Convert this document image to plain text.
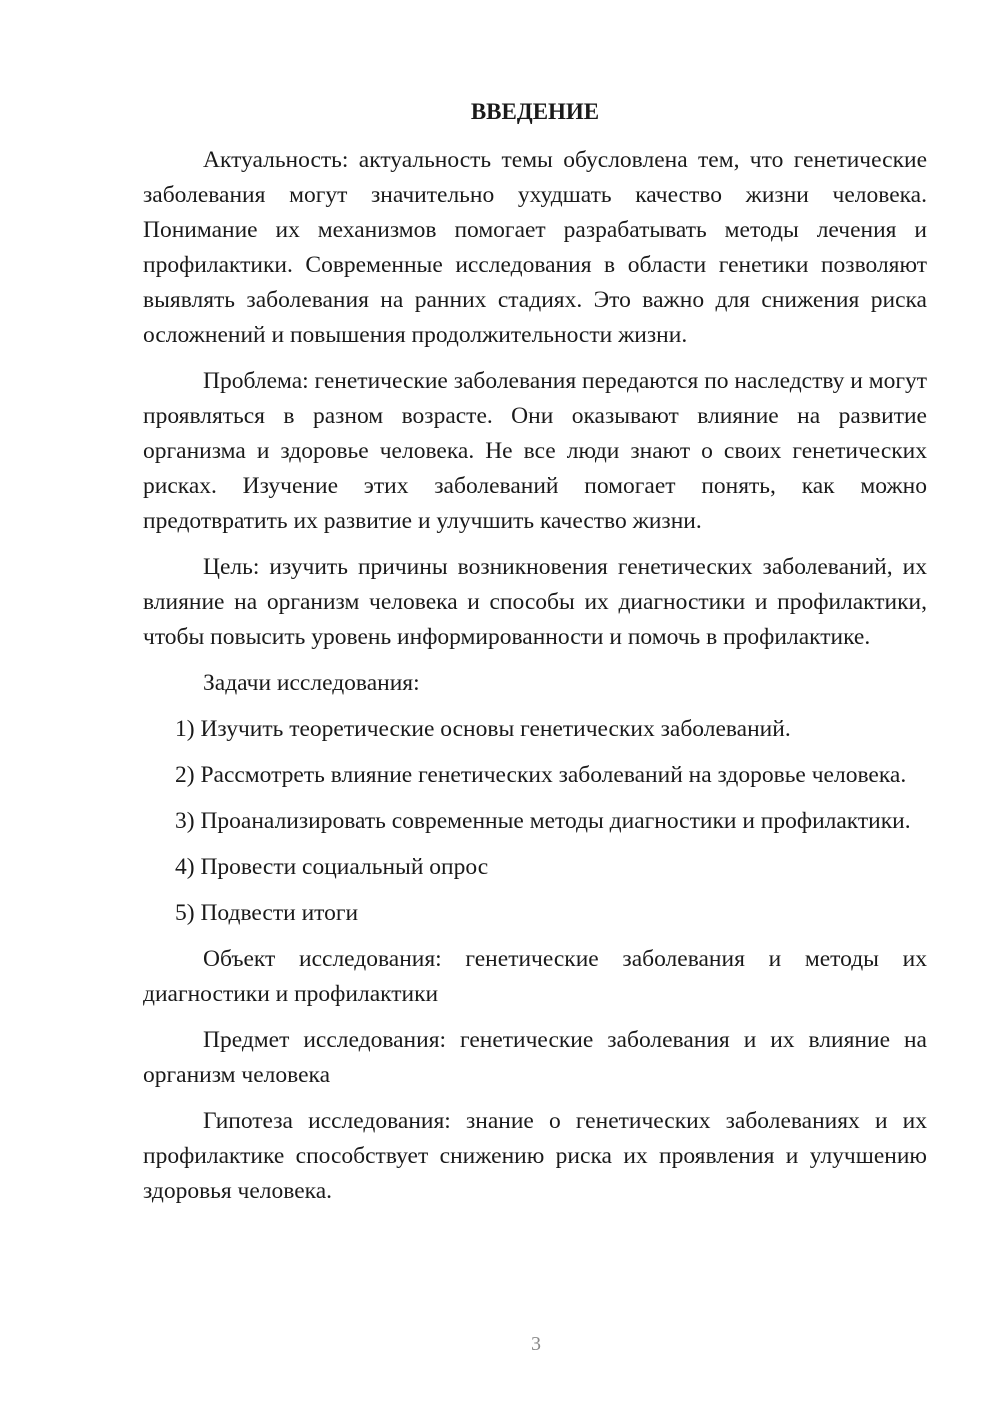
ВВЕДЕНИЕ

Актуальность: актуальность темы обусловлена тем, что генетические заболевания могут значительно ухудшать качество жизни человека. Понимание их механизмов помогает разрабатывать методы лечения и профилактики. Современные исследования в области генетики позволяют выявлять заболевания на ранних стадиях. Это важно для снижения риска осложнений и повышения продолжительности жизни.

Проблема: генетические заболевания передаются по наследству и могут проявляться в разном возрасте. Они оказывают влияние на развитие организма и здоровье человека. Не все люди знают о своих генетических рисках. Изучение этих заболеваний помогает понять, как можно предотвратить их развитие и улучшить качество жизни.

Цель: изучить причины возникновения генетических заболеваний, их влияние на организм человека и способы их диагностики и профилактики, чтобы повысить уровень информированности и помочь в профилактике.

Задачи исследования:

1) Изучить теоретические основы генетических заболеваний.

2) Рассмотреть влияние генетических заболеваний на здоровье человека.

3) Проанализировать современные методы диагностики и профилактики.

4) Провести социальный опрос

5) Подвести итоги

Объект исследования: генетические заболевания и методы их диагностики и профилактики

Предмет исследования: генетические заболевания и их влияние на организм человека

Гипотеза исследования: знание о генетических заболеваниях и их профилактике способствует снижению риска их проявления и улучшению здоровья человека.

3
